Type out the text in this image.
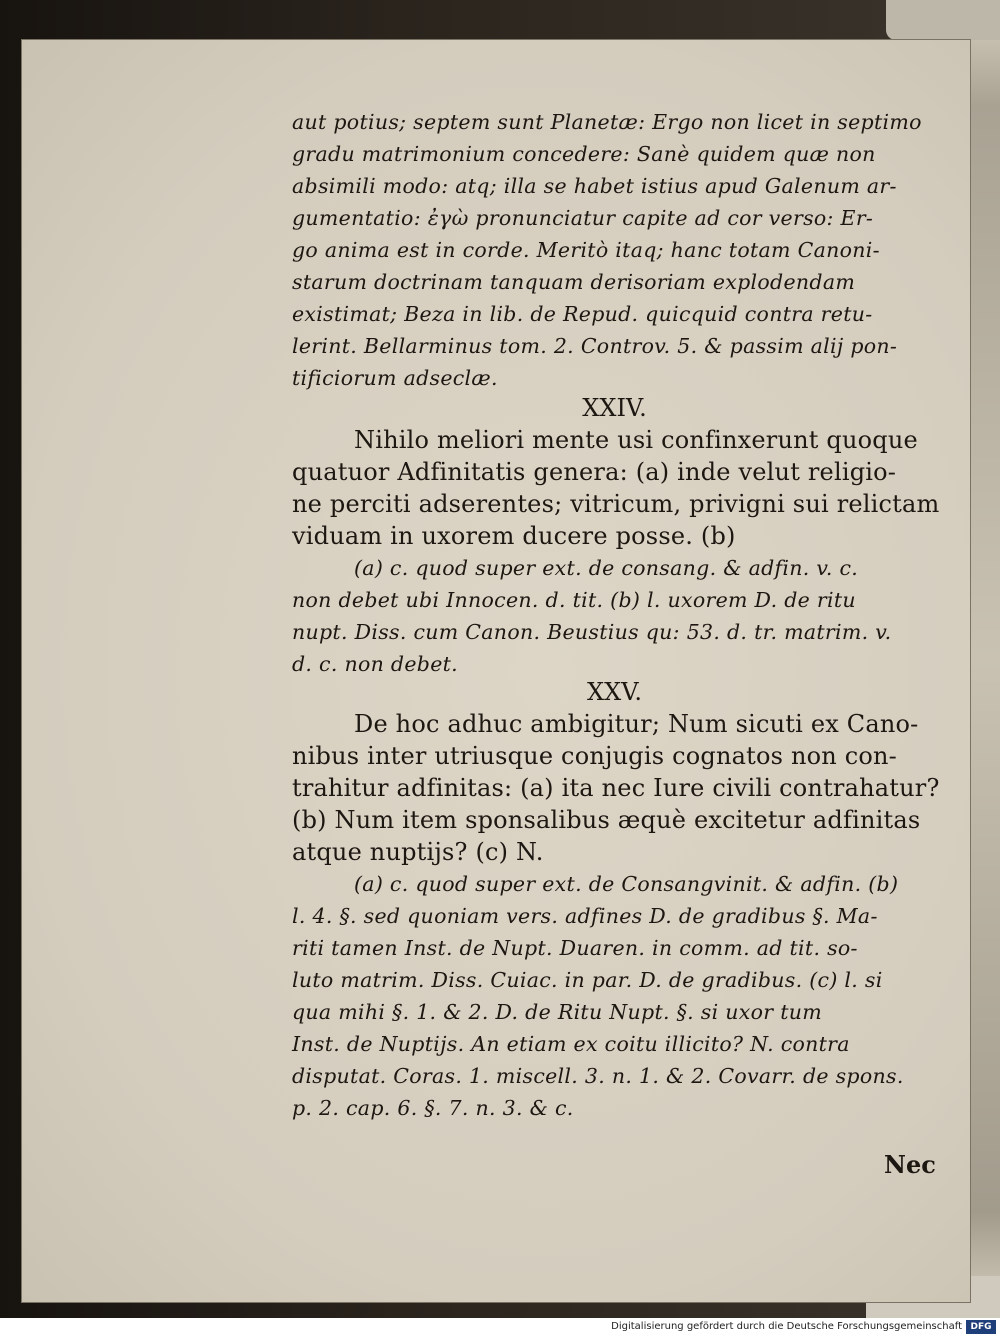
aut potius; septem sunt Planetæ: Ergo non licet in septimo
gradu matrimonium concedere: Sanè quidem quæ non
absimili modo: atq; illa se habet istius apud Galenum ar-
gumentatio: ἐγὼ pronunciatur capite ad cor verso: Er-
go anima est in corde. Meritò itaq; hanc totam Canoni-
starum doctrinam tanquam derisoriam explodendam
existimat; Beza in lib. de Repud. quicquid contra retu-
lerint. Bellarminus tom. 2. Controv. 5. & passim alij pon-
tificiorum adseclæ.
XXIV.
Nihilo meliori mente usi confinxerunt quoque
quatuor Adfinitatis genera: (a) inde velut religio-
ne perciti adserentes; vitricum, privigni sui relictam
viduam in uxorem ducere posse. (b)
(a) c. quod super ext. de consang. & adfin. v. c.
non debet ubi Innocen. d. tit. (b) l. uxorem D. de ritu
nupt. Diss. cum Canon. Beustius qu: 53. d. tr. matrim. v.
d. c. non debet.
XXV.
De hoc adhuc ambigitur; Num sicuti ex Cano-
nibus inter utriusque conjugis cognatos non con-
trahitur adfinitas: (a) ita nec Iure civili contrahatur?
(b) Num item sponsalibus æquè excitetur adfinitas
atque nuptijs? (c) N.
(a) c. quod super ext. de Consangvinit. & adfin. (b)
l. 4. §. sed quoniam vers. adfines D. de gradibus §. Ma-
riti tamen Inst. de Nupt. Duaren. in comm. ad tit. so-
luto matrim. Diss. Cuiac. in par. D. de gradibus. (c) l. si
qua mihi §. 1. & 2. D. de Ritu Nupt. §. si uxor tum
Inst. de Nuptijs. An etiam ex coitu illicito? N. contra
disputat. Coras. 1. miscell. 3. n. 1. & 2. Covarr. de spons.
p. 2. cap. 6. §. 7. n. 3. & c.
Nec
Digitalisierung gefördert durch die Deutsche Forschungsgemeinschaft DFG
